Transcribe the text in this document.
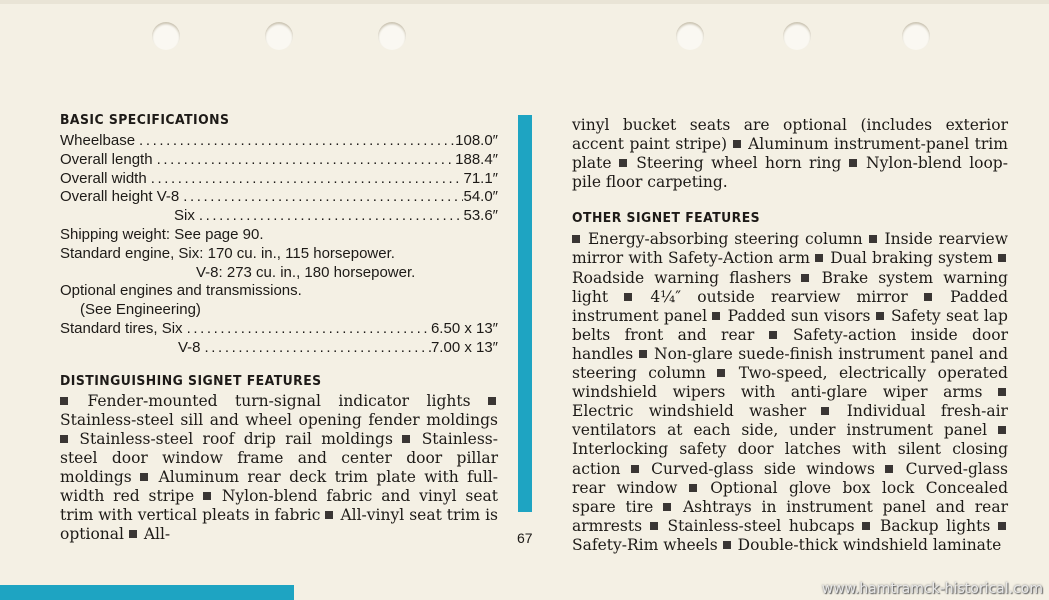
BASIC SPECIFICATIONS
Wheelbase .....	108.0″
Overall length .....	188.4″
Overall width .....	71.1″
Overall height V-8 .....	54.0″
Six .....	53.6″
Shipping weight: See page 90.
Standard engine, Six: 170 cu. in., 115 horsepower.
V-8: 273 cu. in., 180 horsepower.
Optional engines and transmissions.
(See Engineering)
Standard tires, Six .....	6.50 x 13″
V-8 .....	7.00 x 13″
DISTINGUISHING SIGNET FEATURES

Fender-mounted turn-signal indicator lights  Stainless-steel sill and wheel opening fender moldings  Stainless-steel roof drip rail moldings Stainless-steel door window frame and center door pillar moldings Aluminum rear deck trim plate with full-width red stripe Nylon-blend fabric and vinyl seat trim with vertical pleats in fabric All-vinyl seat trim is optional  All-	67

vinyl bucket seats are optional (includes exterior accent paint stripe) Aluminum instrument-panel trim plate Steering wheel horn ring Nylon-blend loop-pile floor carpeting.

OTHER SIGNET FEATURES

Energy-absorbing steering column Inside rearview mirror with Safety-Action arm Dual braking system  Roadside warning flashers Brake system warning light	4¼″ outside rearview mirror	Padded instrument panel Padded sun visors Safety seat lap belts front and rear Safety-action inside door handles Non-glare suede-finish instrument panel and steering column Two-speed, electrically operated windshield wipers with anti-glare wiper arms  Electric windshield washer	Individual fresh-air ventilators at each side, under instrument panel  Interlocking safety door latches with silent closing action Curved-glass side windows Curved-glass rear window Optional glove box lock Concealed spare tire Ashtrays in instrument panel and rear armrests Stainless-steel hubcaps Backup lights  Safety-Rim wheels Double-thick windshield laminate

www.hamtramck-historical.com
